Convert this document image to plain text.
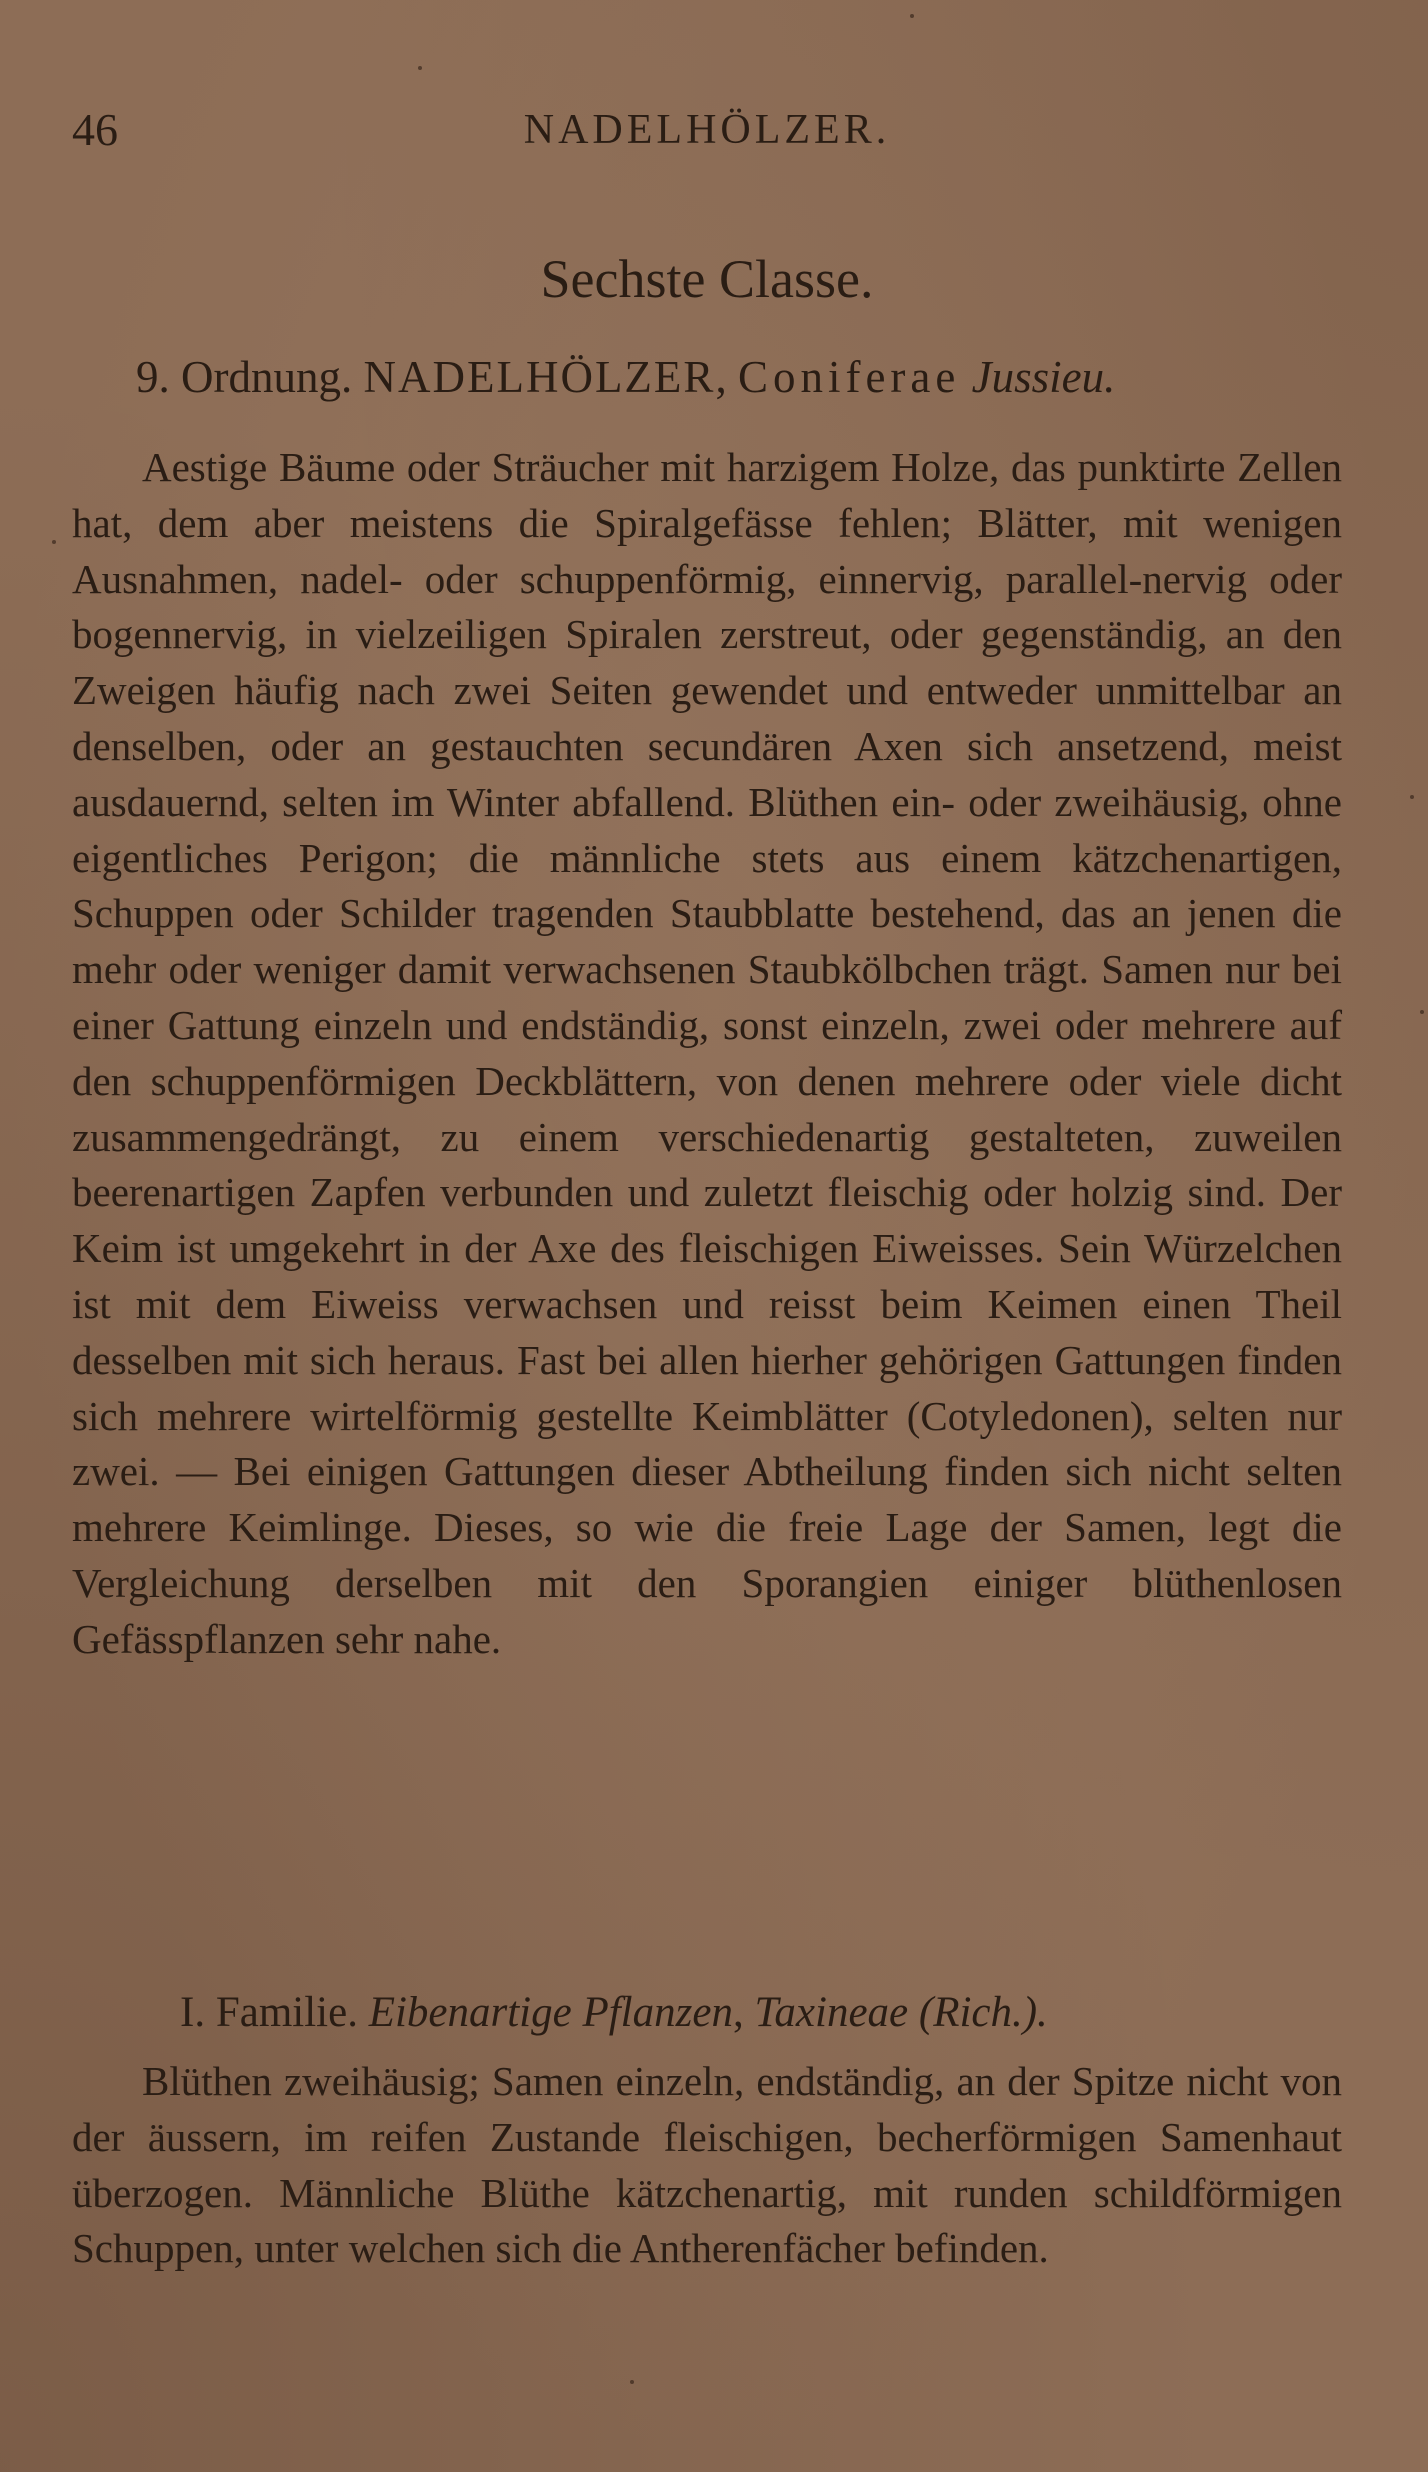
46	NADELHÖLZER.
Sechste Classe.
9. Ordnung. NADELHÖLZER, Coniferae Jussieu.

Aestige Bäume oder Sträucher mit harzigem Holze, das punktirte Zellen hat, dem aber meistens die Spiralgefässe fehlen; Blätter, mit wenigen Ausnahmen, nadel- oder schuppenförmig, einnervig, parallel-nervig oder bogennervig, in vielzeiligen Spiralen zerstreut, oder gegenständig, an den Zweigen häufig nach zwei Seiten gewendet und entweder unmittelbar an denselben, oder an gestauchten secundären Axen sich ansetzend, meist ausdauernd, selten im Winter abfallend. Blüthen ein- oder zweihäusig, ohne eigentliches Perigon; die männliche stets aus einem kätzchenartigen, Schuppen oder Schilder tragenden Staubblatte bestehend, das an jenen die mehr oder weniger damit verwachsenen Staubkölbchen trägt. Samen nur bei einer Gattung einzeln und endständig, sonst einzeln, zwei oder mehrere auf den schuppenförmigen Deckblättern, von denen mehrere oder viele dicht zusammengedrängt, zu einem verschiedenartig gestalteten, zuweilen beerenartigen Zapfen verbunden und zuletzt fleischig oder holzig sind. Der Keim ist umgekehrt in der Axe des fleischigen Eiweisses. Sein Würzelchen ist mit dem Eiweiss verwachsen und reisst beim Keimen einen Theil desselben mit sich heraus. Fast bei allen hierher gehörigen Gattungen finden sich mehrere wirtelförmig gestellte Keimblätter (Cotyledonen), selten nur zwei. — Bei einigen Gattungen dieser Abtheilung finden sich nicht selten mehrere Keimlinge. Dieses, so wie die freie Lage der Samen, legt die Vergleichung derselben mit den Sporangien einiger blüthenlosen Gefässpflanzen sehr nahe.

I. Familie. Eibenartige Pflanzen, Taxineae (Rich.).

Blüthen zweihäusig; Samen einzeln, endständig, an der Spitze nicht von der äussern, im reifen Zustande fleischigen, becherförmigen Samenhaut überzogen. Männliche Blüthe kätzchenartig, mit runden schildförmigen Schuppen, unter welchen sich die Antherenfächer befinden.
